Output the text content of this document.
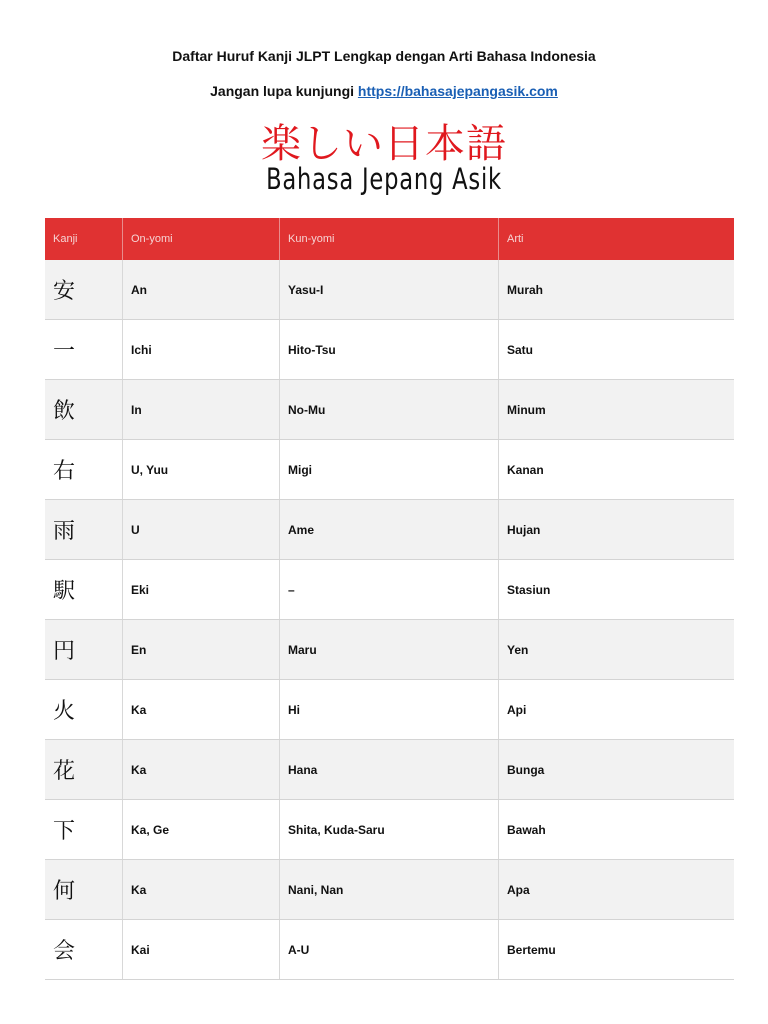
Daftar Huruf Kanji JLPT Lengkap dengan Arti Bahasa Indonesia
Jangan lupa kunjungi https://bahasajepangasik.com
楽しい日本語
Bahasa Jepang Asik
Kanji	On-yomi	Kun-yomi	Arti
安	An	Yasu-I	Murah
一	Ichi	Hito-Tsu	Satu
飲	In	No-Mu	Minum
右	U, Yuu	Migi	Kanan
雨	U	Ame	Hujan
駅	Eki	–	Stasiun
円	En	Maru	Yen
火	Ka	Hi	Api
花	Ka	Hana	Bunga
下	Ka, Ge	Shita, Kuda-Saru	Bawah
何	Ka	Nani, Nan	Apa
会	Kai	A-U	Bertemu
